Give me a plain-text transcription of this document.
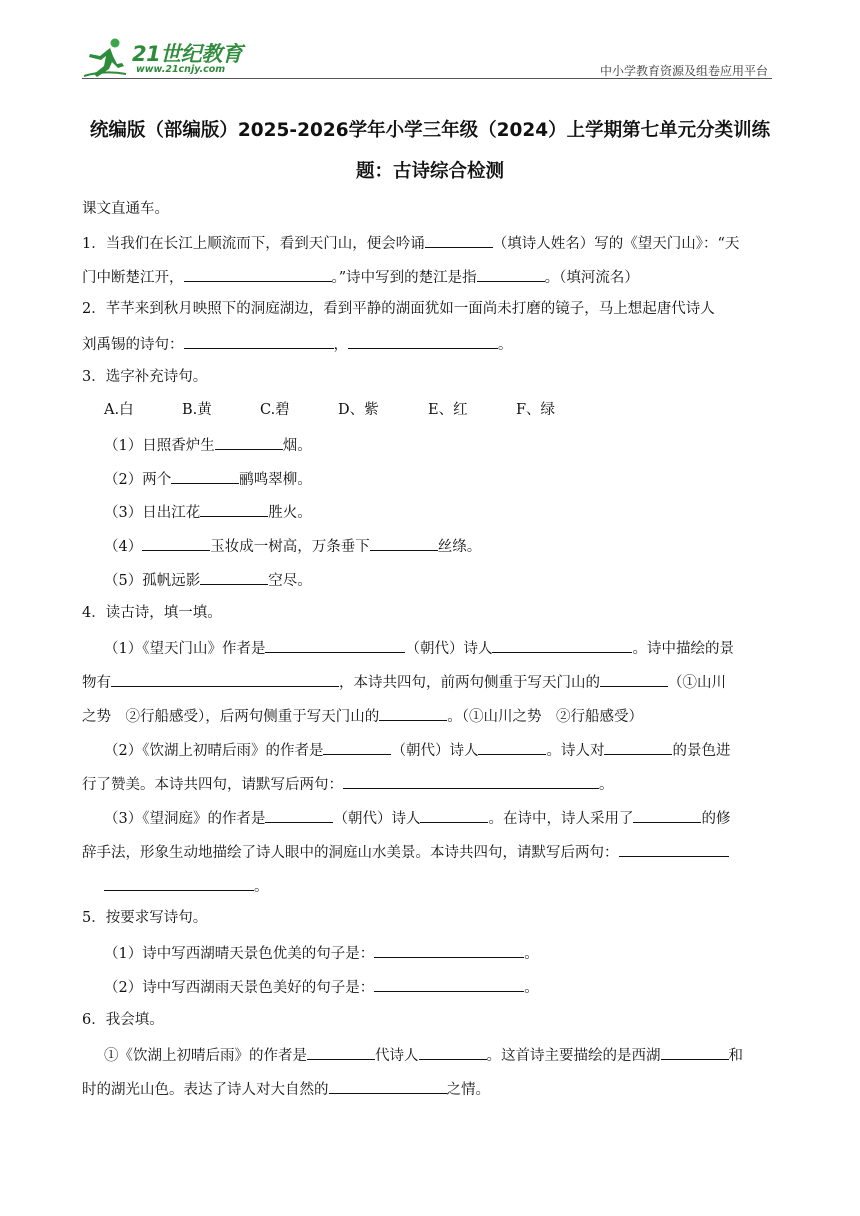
21世纪教育
www.21cnjy.com	中小学教育资源及组卷应用平台
统编版（部编版）2025-2026学年小学三年级（2024）上学期第七单元分类训练
题：古诗综合检测
课文直通车。
1．当我们在长江上顺流而下，看到天门山，便会吟诵	（填诗人姓名）写的《望天门山》：“天
门中断楚江开，	。”诗中写到的楚江是指	。（填河流名）
2．芊芊来到秋月映照下的洞庭湖边，看到平静的湖面犹如一面尚未打磨的镜子，马上想起唐代诗人
刘禹锡的诗句：	，	。
3．选字补充诗句。
A.白	B.黄	C.碧	D、紫	E、红	F、绿
（1）日照香炉生	烟。
（2）两个	鹂鸣翠柳。
（3）日出江花	胜火。
（4）	玉妆成一树高，万条垂下	丝绦。
（5）孤帆远影	空尽。
4．读古诗，填一填。
（1）《望天门山》作者是	（朝代）诗人	。诗中描绘的景
物有	，本诗共四句，前两句侧重于写天门山的	（①山川
之势　②行船感受），后两句侧重于写天门山的	。（①山川之势　②行船感受）
（2）《饮湖上初晴后雨》的作者是	（朝代）诗人	。诗人对	的景色进
行了赞美。本诗共四句，请默写后两句：	。
（3）《望洞庭》的作者是	（朝代）诗人	。在诗中，诗人采用了	的修
辞手法，形象生动地描绘了诗人眼中的洞庭山水美景。本诗共四句，请默写后两句：
。
5．按要求写诗句。
（1）诗中写西湖晴天景色优美的句子是：	。
（2）诗中写西湖雨天景色美好的句子是：	。
6．我会填。
①《饮湖上初晴后雨》的作者是	代诗人	。这首诗主要描绘的是西湖	和
时的湖光山色。表达了诗人对大自然的	之情。
